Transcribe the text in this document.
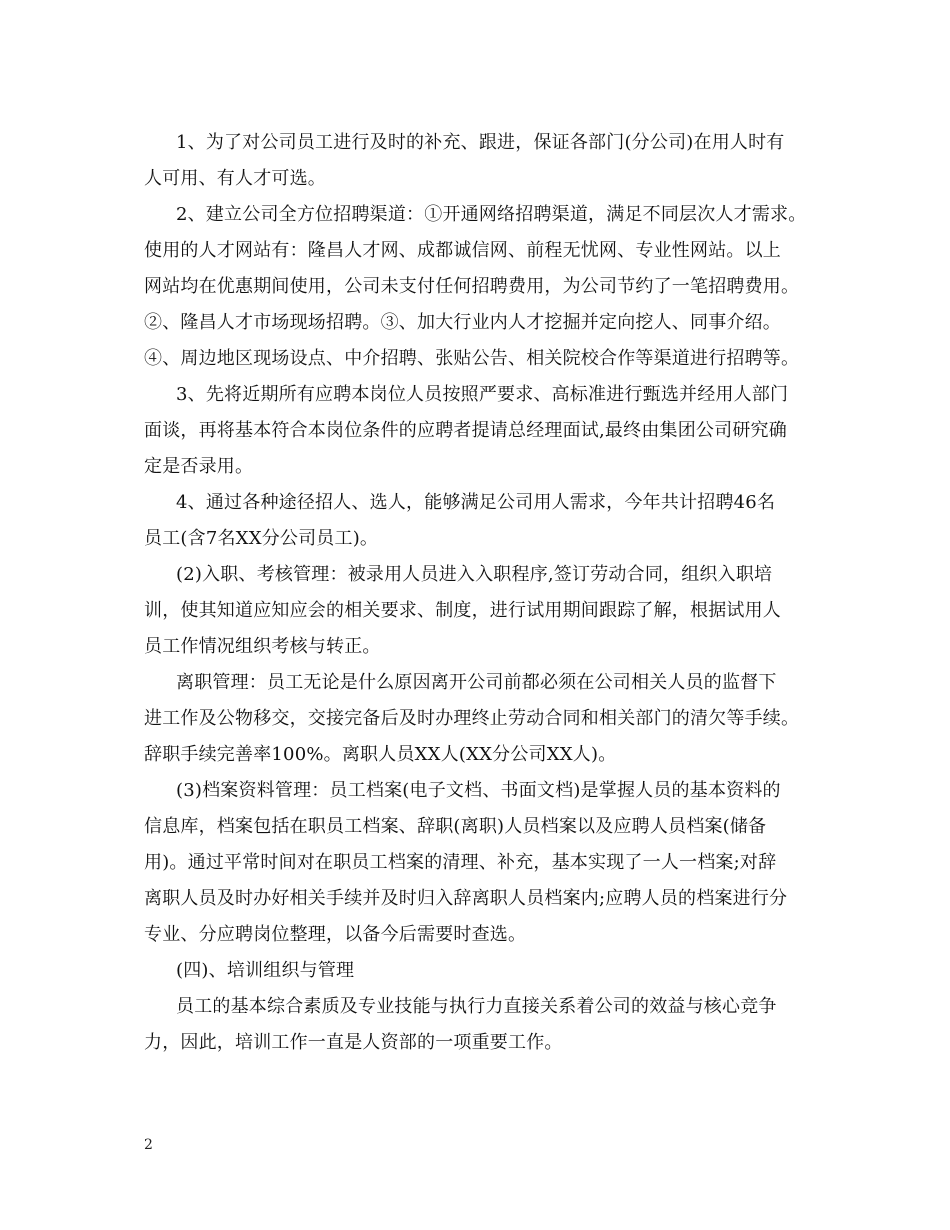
1、为了对公司员工进行及时的补充、跟进，保证各部门(分公司)在用人时有
人可用、有人才可选。
2、建立公司全方位招聘渠道：①开通网络招聘渠道，满足不同层次人才需求。
使用的人才网站有：隆昌人才网、成都诚信网、前程无忧网、专业性网站。以上
网站均在优惠期间使用，公司未支付任何招聘费用，为公司节约了一笔招聘费用。
②、隆昌人才市场现场招聘。③、加大行业内人才挖掘并定向挖人、同事介绍。
④、周边地区现场设点、中介招聘、张贴公告、相关院校合作等渠道进行招聘等。
3、先将近期所有应聘本岗位人员按照严要求、高标准进行甄选并经用人部门
面谈，再将基本符合本岗位条件的应聘者提请总经理面试,最终由集团公司研究确
定是否录用。
4、通过各种途径招人、选人，能够满足公司用人需求，今年共计招聘46名
员工(含7名XX分公司员工)。
(2)入职、考核管理：被录用人员进入入职程序,签订劳动合同，组织入职培
训，使其知道应知应会的相关要求、制度，进行试用期间跟踪了解，根据试用人
员工作情况组织考核与转正。
离职管理：员工无论是什么原因离开公司前都必须在公司相关人员的监督下
进工作及公物移交，交接完备后及时办理终止劳动合同和相关部门的清欠等手续。
辞职手续完善率100%。离职人员XX人(XX分公司XX人)。
(3)档案资料管理：员工档案(电子文档、书面文档)是掌握人员的基本资料的
信息库，档案包括在职员工档案、辞职(离职)人员档案以及应聘人员档案(储备
用)。通过平常时间对在职员工档案的清理、补充，基本实现了一人一档案;对辞
离职人员及时办好相关手续并及时归入辞离职人员档案内;应聘人员的档案进行分
专业、分应聘岗位整理，以备今后需要时查选。
(四)、培训组织与管理
员工的基本综合素质及专业技能与执行力直接关系着公司的效益与核心竞争
力，因此，培训工作一直是人资部的一项重要工作。
2
